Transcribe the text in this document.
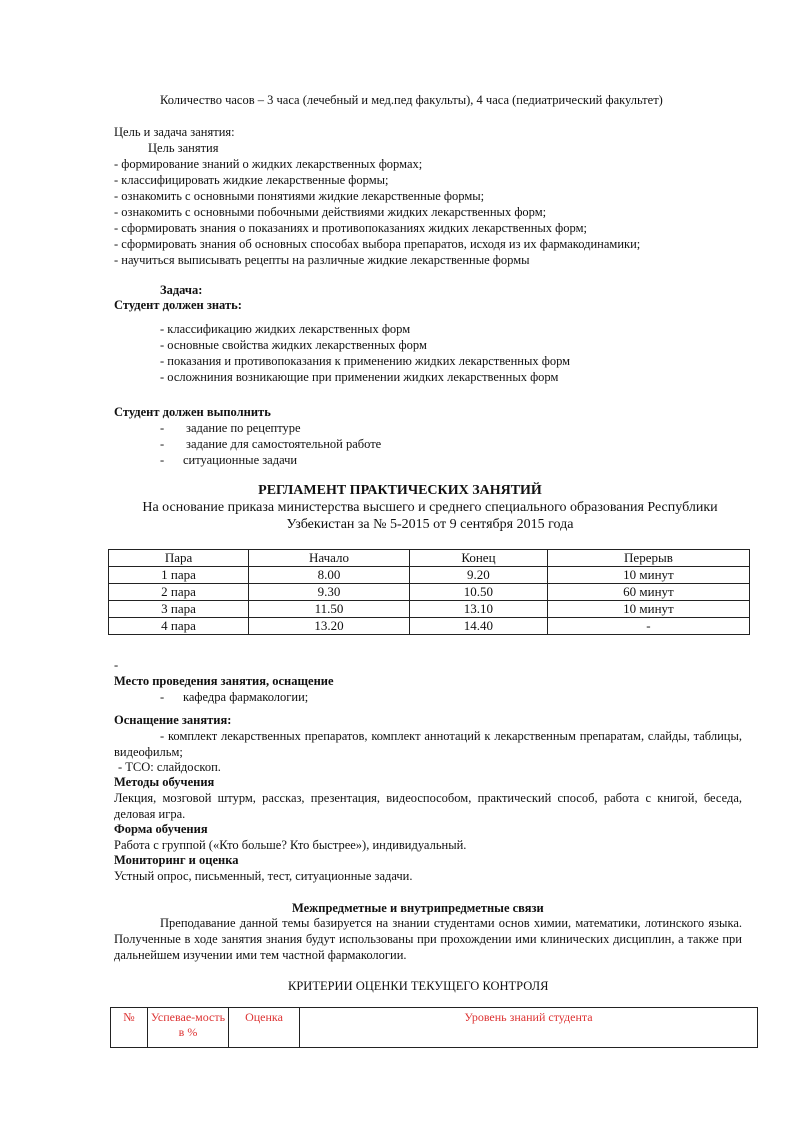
Количество часов – 3 часа (лечебный и мед.пед факульты), 4 часа (педиатрический факультет)
Цель и задача занятия:
Цель занятия
- формирование знаний о жидких лекарственных формах;
- классифицировать жидкие лекарственные формы;
- ознакомить с основными понятиями жидкие лекарственные формы;
- ознакомить с основными побочными действиями жидких лекарственных форм;
- сформировать знания о показаниях и противопоказаниях жидких лекарственных форм;
- сформировать знания об основных способах выбора препаратов, исходя из их фармакодинамики;
- научиться выписывать рецепты на различные жидкие лекарственные формы
Задача:
Студент должен знать:
- классификацию жидких лекарственных форм
- основные свойства жидких лекарственных форм
- показания и противопоказания к применению жидких лекарственных форм
- осложниния возникающие при применении жидких лекарственных форм
Студент должен выполнить
- задание по рецептуре
- задание для самостоятельной работе
- ситуационные задачи
РЕГЛАМЕНТ ПРАКТИЧЕСКИХ ЗАНЯТИЙ
На основание приказа министерства высшего и среднего специального образования Республики Узбекистан за № 5-2015 от 9 сентября 2015 года
Пара	Начало	Конец	Перерыв
1 пара	8.00	9.20	10 минут
2 пара	9.30	10.50	60 минут
3 пара	11.50	13.10	10 минут
4 пара	13.20	14.40	-
-
Место проведения занятия, оснащение
- кафедра фармакологии;
Оснащение занятия:
- комплект лекарственных препаратов, комплект аннотаций к лекарственным препаратам, слайды, таблицы, видеофильм;
- ТСО: слайдоскоп.
Методы обучения
Лекция, мозговой штурм, рассказ, презентация, видеоспособом, практический способ, работа с книгой, беседа, деловая игра.
Форма обучения
Работа с группой («Кто больше? Кто быстрее»), индивидуальный.
Мониторинг и оценка
Устный опрос, письменный, тест, ситуационные задачи.
Межпредметные и внутрипредметные связи
Преподавание данной темы базируется на знании студентами основ химии, математики, лотинского языка. Полученные в ходе занятия знания будут использованы при прохождении ими клинических дисциплин, а также при дальнейшем изучении ими тем частной фармакологии.
КРИТЕРИИ ОЦЕНКИ ТЕКУЩЕГО КОНТРОЛЯ
№	Успевае-мость в %	Оценка	Уровень знаний студента
